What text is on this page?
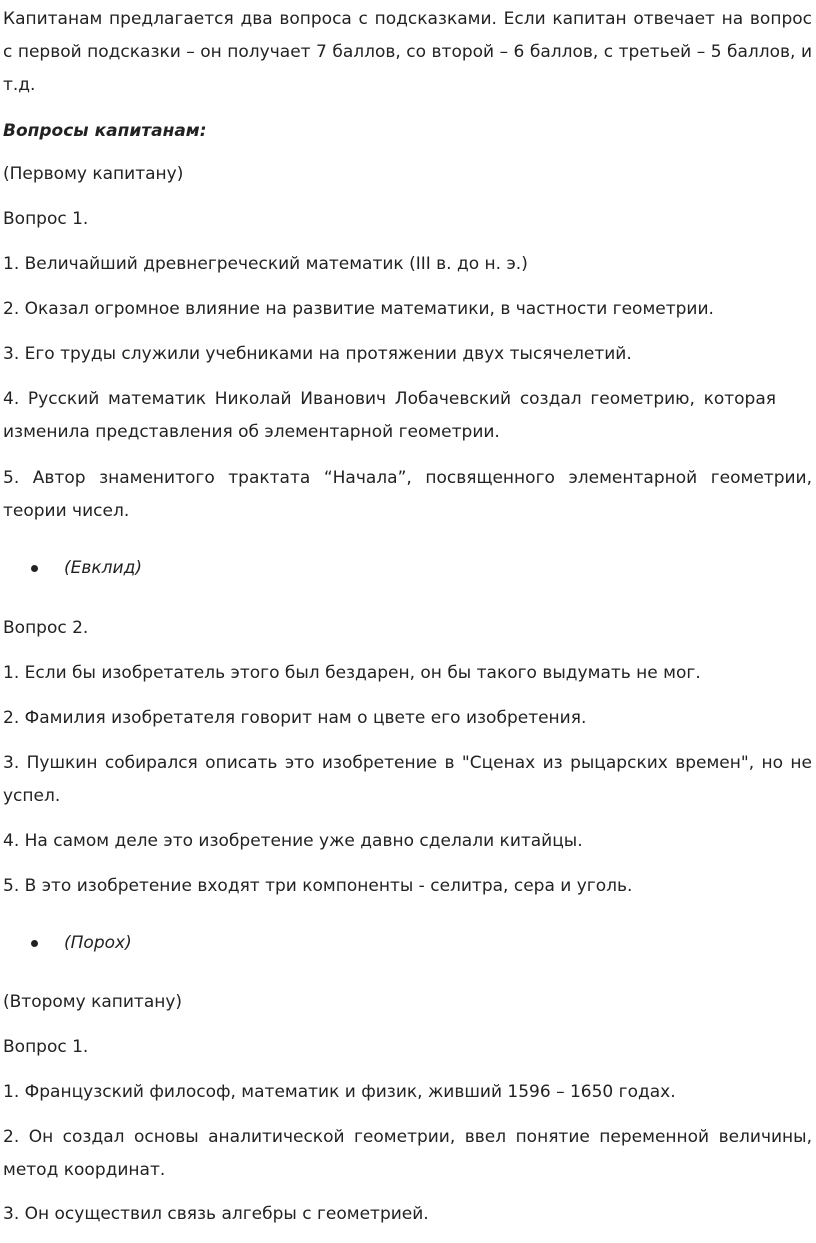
Капитанам предлагается два вопроса с подсказками. Если капитан отвечает на вопрос с первой подсказки – он получает 7 баллов, со второй – 6 баллов, с третьей – 5 баллов, и т.д.

Вопросы капитанам:

(Первому капитану)

Вопрос 1.

1. Величайший древнегреческий математик (III в. до н. э.)

2. Оказал огромное влияние на развитие математики, в частности геометрии.

3. Его труды служили учебниками на протяжении двух тысячелетий.

4. Русский математик Николай Иванович Лобачевский создал геометрию, которая изменила представления об элементарной геометрии.

5. Автор знаменитого трактата “Начала”, посвященного элементарной геометрии, теории чисел.

(Евклид)

Вопрос 2.

1. Если бы изобретатель этого был бездарен, он бы такого выдумать не мог.

2. Фамилия изобретателя говорит нам о цвете его изобретения.

3. Пушкин собирался описать это изобретение в "Сценах из рыцарских времен", но не успел.

4. На самом деле это изобретение уже давно сделали китайцы.

5. В это изобретение входят три компоненты - селитра, сера и уголь.

(Порох)

(Второму капитану)

Вопрос 1.

1. Французский философ, математик и физик, живший 1596 – 1650 годах.

2. Он создал основы аналитической геометрии, ввел понятие переменной величины, метод координат.

3. Он осуществил связь алгебры с геометрией.
